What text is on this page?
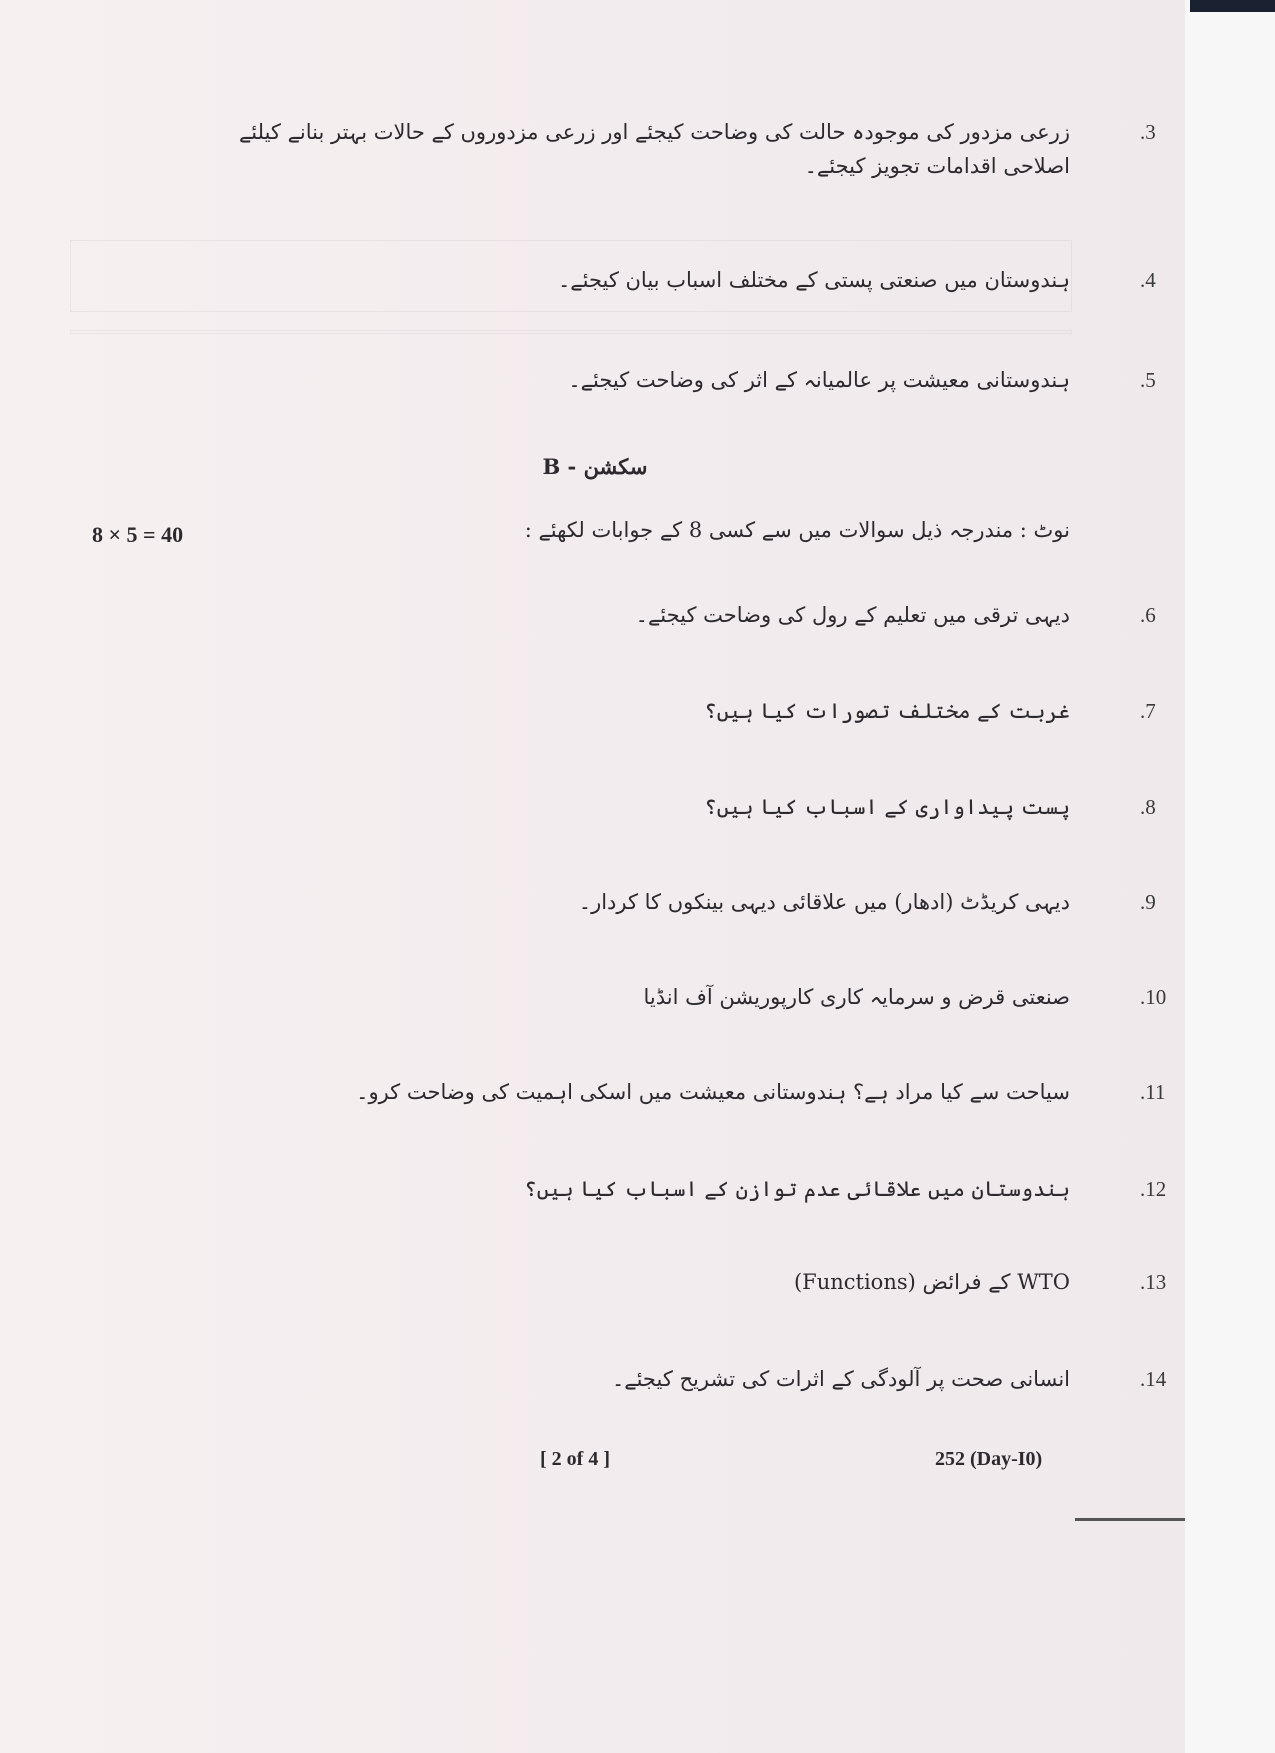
.3
زرعی مزدور کی موجودہ حالت کی وضاحت کیجئے اور زرعی مزدوروں کے حالات بہتر بنانے کیلئے اصلاحی اقدامات تجویز کیجئے۔
.4
ہندوستان میں صنعتی پستی کے مختلف اسباب بیان کیجئے۔
.5
ہندوستانی معیشت پر عالمیانہ کے اثر کی وضاحت کیجئے۔
سکشن - B
نوٹ : مندرجہ ذیل سوالات میں سے کسی 8 کے جوابات لکھئے :
8 × 5 = 40
.6
دیہی ترقی میں تعلیم کے رول کی وضاحت کیجئے۔
.7
غربت کے مختلف تصورات کیا ہیں؟
.8
پست پیداواری کے اسباب کیا ہیں؟
.9
دیہی کریڈٹ (ادھار) میں علاقائی دیہی بینکوں کا کردار۔
.10
صنعتی قرض و سرمایہ کاری کارپوریشن آف انڈیا
.11
سیاحت سے کیا مراد ہے؟ ہندوستانی معیشت میں اسکی اہمیت کی وضاحت کرو۔
.12
ہندوستان میں علاقائی عدم توازن کے اسباب کیا ہیں؟
.13
WTO کے فرائض (Functions)
.14
انسانی صحت پر آلودگی کے اثرات کی تشریح کیجئے۔
[ 2 of 4 ]	252 (Day-I0)
